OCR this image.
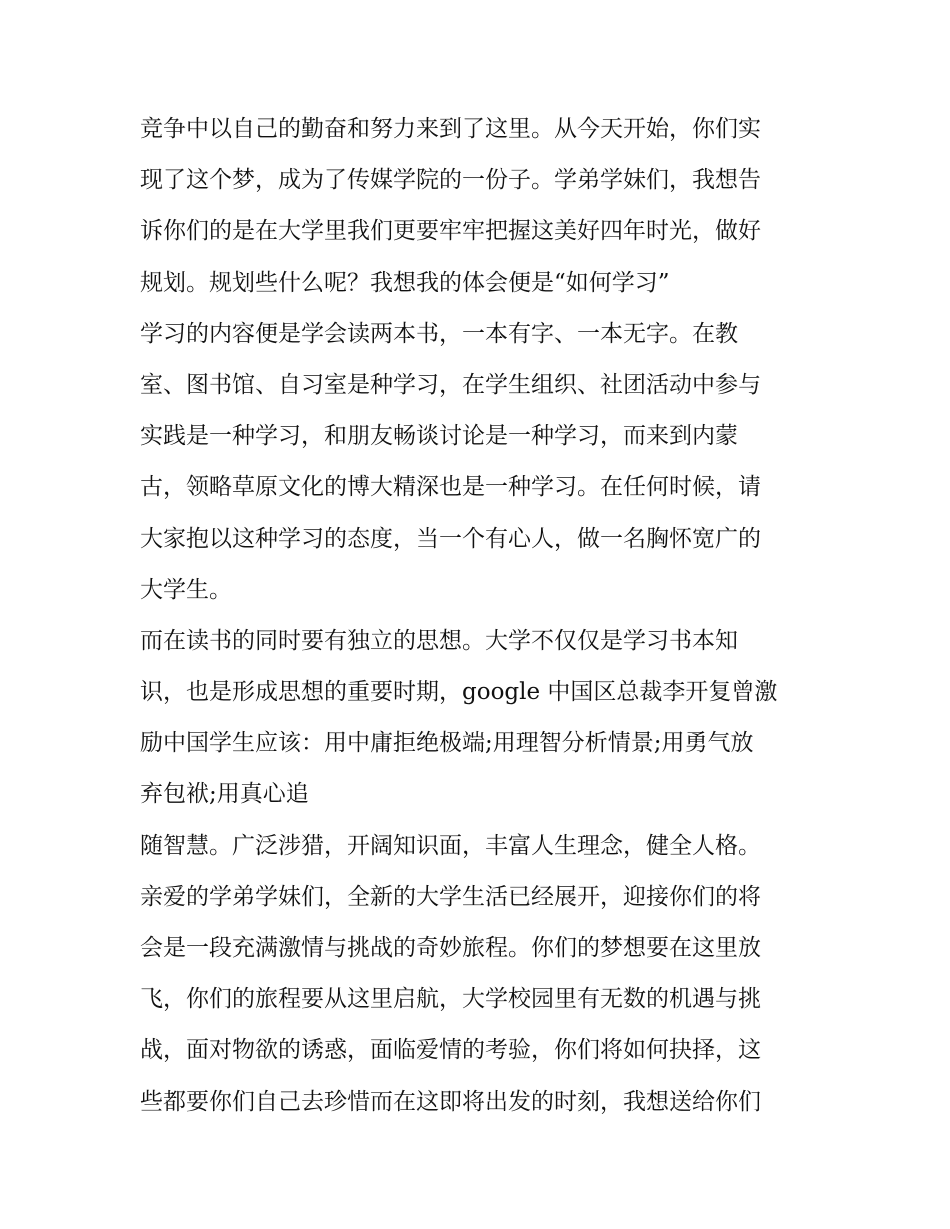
竞争中以自己的勤奋和努力来到了这里。从今天开始，你们实
现了这个梦，成为了传媒学院的一份子。学弟学妹们，我想告
诉你们的是在大学里我们更要牢牢把握这美好四年时光，做好
规划。规划些什么呢？我想我的体会便是“如何学习”
学习的内容便是学会读两本书，一本有字、一本无字。在教
室、图书馆、自习室是种学习，在学生组织、社团活动中参与
实践是一种学习，和朋友畅谈讨论是一种学习，而来到内蒙
古，领略草原文化的博大精深也是一种学习。在任何时候，请
大家抱以这种学习的态度，当一个有心人，做一名胸怀宽广的
大学生。
而在读书的同时要有独立的思想。大学不仅仅是学习书本知
识，也是形成思想的重要时期，google 中国区总裁李开复曾激
励中国学生应该：用中庸拒绝极端;用理智分析情景;用勇气放
弃包袱;用真心追
随智慧。广泛涉猎，开阔知识面，丰富人生理念，健全人格。
亲爱的学弟学妹们，全新的大学生活已经展开，迎接你们的将
会是一段充满激情与挑战的奇妙旅程。你们的梦想要在这里放
飞，你们的旅程要从这里启航，大学校园里有无数的机遇与挑
战，面对物欲的诱惑，面临爱情的考验，你们将如何抉择，这
些都要你们自己去珍惜而在这即将出发的时刻，我想送给你们
